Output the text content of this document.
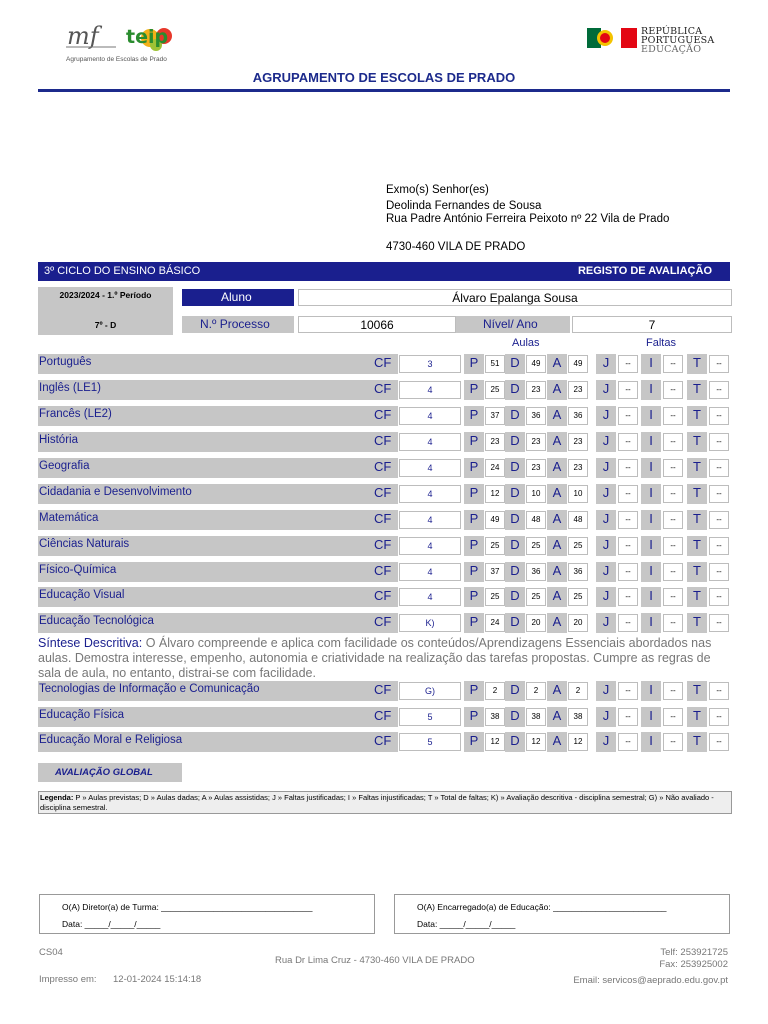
mf teip
Agrupamento de Escolas de Prado
REPÚBLICA
PORTUGUESA
EDUCAÇÃO
AGRUPAMENTO DE ESCOLAS DE PRADO
Exmo(s) Senhor(es)
Deolinda Fernandes de Sousa
Rua Padre António Ferreira Peixoto nº 22 Vila de Prado
4730-460 VILA DE PRADO
3º CICLO DO ENSINO BÁSICO	REGISTO DE AVALIAÇÃO
2023/2024 - 1.º Período
7º - D
Aluno	Álvaro Epalanga Sousa
N.º Processo	10066	Nível/ Ano	7
Aulas	Faltas
Português	CF	3	P	51 D	49 A	49	J	--	I	--	T	--
Inglês (LE1)	CF	4	P	25 D	23 A	23	J	--	I	--	T	--
Francês (LE2)	CF	4	P	37 D	36 A	36	J	--	I	--	T	--
História	CF	4	P	23 D	23 A	23	J	--	I	--	T	--
Geografia	CF	4	P	24 D	23 A	23	J	--	I	--	T	--
Cidadania e Desenvolvimento	CF	4	P	12 D	10 A	10	J	--	I	--	T	--
Matemática	CF	4	P	49 D	48 A	48	J	--	I	--	T	--
Ciências Naturais	CF	4	P	25 D	25 A	25	J	--	I	--	T	--
Físico-Química	CF	4	P	37 D	36 A	36	J	--	I	--	T	--
Educação Visual	CF	4	P	25 D	25 A	25	J	--	I	--	T	--
Educação Tecnológica	CF	K)	P	24 D	20 A	20	J	--	I	--	T	--
Síntese Descritiva: O Álvaro compreende e aplica com facilidade os conteúdos/Aprendizagens Essenciais abordados nas aulas. Demostra interesse, empenho, autonomia e criatividade na realização das tarefas propostas. Cumpre as regras de sala de aula, no entanto, distrai-se com facilidade.
Tecnologias de Informação e Comunicação	CF	G)	P	2	D	2	A	2	J	--	I	--	T	--
Educação Física	CF	5	P	38 D	38 A	38	J	--	I	--	T	--
Educação Moral e Religiosa	CF	5	P	12 D	12 A	12	J	--	I	--	T	--
AVALIAÇÃO GLOBAL
Legenda: P » Aulas previstas; D » Aulas dadas; A » Aulas assistidas; J » Faltas justificadas; I » Faltas injustificadas; T » Total de faltas; K) » Avaliação descritiva - disciplina semestral; G) » Não avaliado - disciplina semestral.
O(A) Diretor(a) de Turma: ________________________________
Data: _____/_____/_____
O(A) Encarregado(a) de Educação: ________________________
Data: _____/_____/_____
CS04
Rua Dr Lima Cruz - 4730-460 VILA DE PRADO
Telf: 253921725
Fax: 253925002
Impresso em: 12-01-2024 15:14:18	Email: servicos@aeprado.edu.gov.pt
